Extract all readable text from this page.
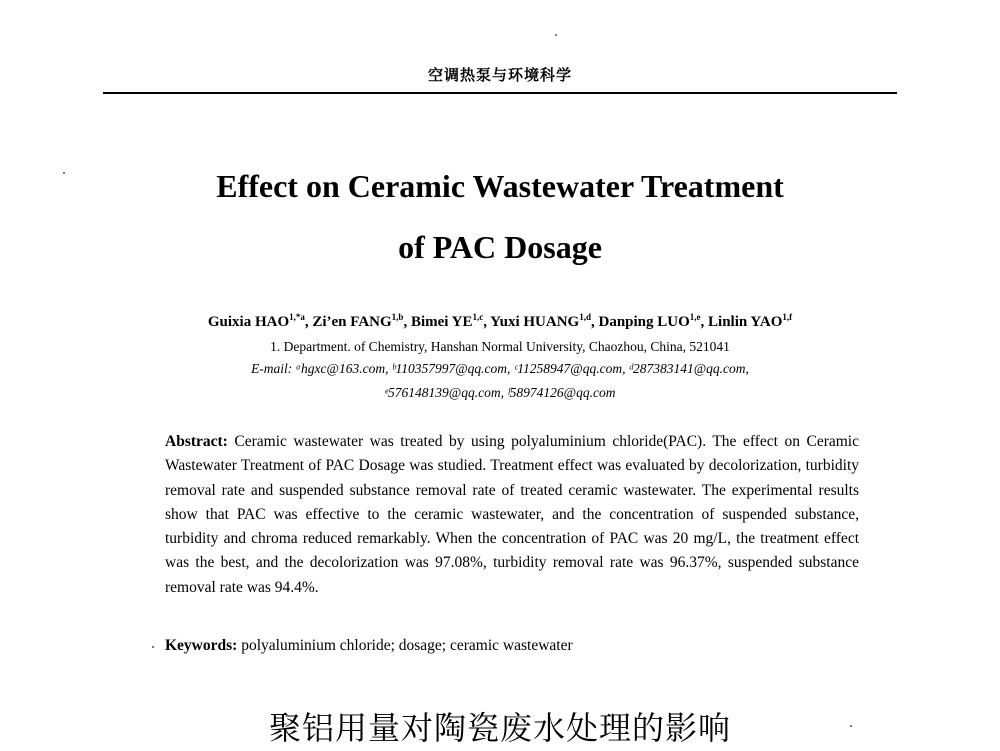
空调热泵与环境科学
Effect on Ceramic Wastewater Treatment
of PAC Dosage
Guixia $HAO^{1,*a}$, Zi’en FANG$^{1,b}$, Bimei YE$^{1,c}$, Yuxi HUANG$^{1,d}$, Danping LUO$^{1,e}$, Linlin YAO$^{1,f}$
1. Department. of Chemistry, Hanshan Normal University, Chaozhou, China, 521041
E-mail: ᵃhgxc@163.com, ᵇ110357997@qq.com, ᶜ11258947@qq.com, ᵈ287383141@qq.com,
ᵉ576148139@qq.com, ᶠ58974126@qq.com
Abstract: Ceramic wastewater was treated by using polyaluminium chloride(PAC). The effect on Ceramic Wastewater Treatment of PAC Dosage was studied. Treatment effect was evaluated by decolorization, turbidity removal rate and suspended substance removal rate of treated ceramic wastewater. The experimental results show that PAC was effective to the ceramic wastewater, and the concentration of suspended substance, turbidity and chroma reduced remarkably. When the concentration of PAC was 20 mg/L, the treatment effect was the best, and the decolorization was 97.08%, turbidity removal rate was 96.37%, suspended substance removal rate was 94.4%.
Keywords: polyaluminium chloride; dosage; ceramic wastewater
聚铝用量对陶瓷废水处理的影响
